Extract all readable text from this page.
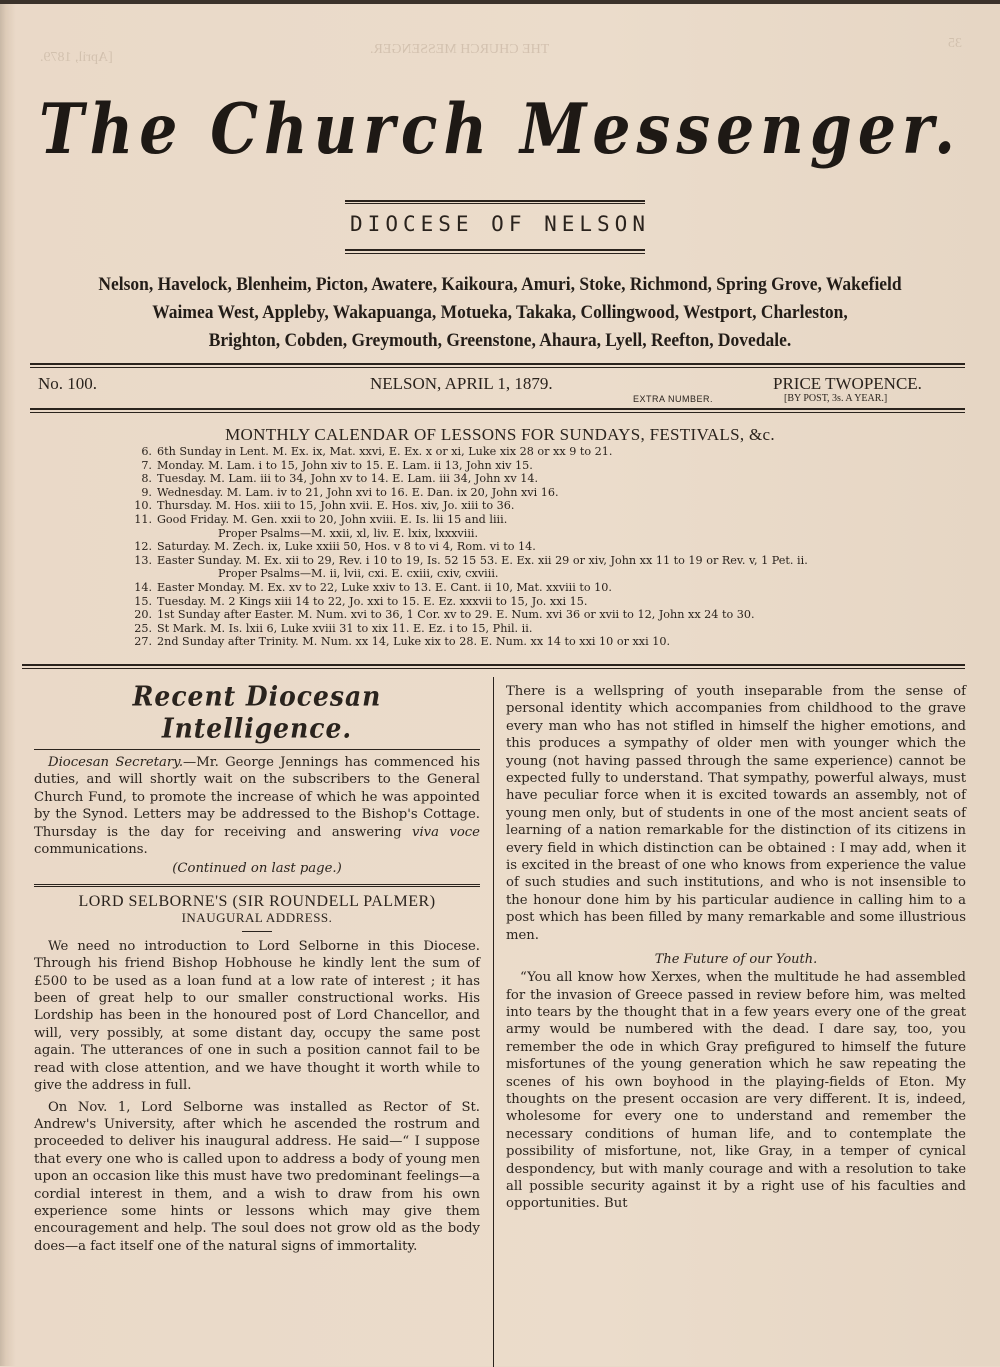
[April, 1879.
THE CHURCH MESSENGER.	35
The Church Messenger.
DIOCESE OF NELSON
Nelson, Havelock, Blenheim, Picton, Awatere, Kaikoura, Amuri, Stoke, Richmond, Spring Grove, Wakefield
Waimea West, Appleby, Wakapuanga, Motueka, Takaka, Collingwood, Westport, Charleston,
Brighton, Cobden, Greymouth, Greenstone, Ahaura, Lyell, Reefton, Dovedale.
No. 100.	NELSON, APRIL 1, 1879.	PRICE TWOPENCE.
EXTRA NUMBER.	[BY POST, 3s. A YEAR.]
MONTHLY CALENDAR OF LESSONS FOR SUNDAYS, FESTIVALS, &c.
6. 6th Sunday in Lent. M. Ex. ix, Mat. xxvi, E. Ex. x or xi, Luke xix 28 or xx 9 to 21.
7. Monday. M. Lam. i to 15, John xiv to 15. E. Lam. ii 13, John xiv 15.
8. Tuesday. M. Lam. iii to 34, John xv to 14. E. Lam. iii 34, John xv 14.
9. Wednesday. M. Lam. iv to 21, John xvi to 16. E. Dan. ix 20, John xvi 16.
10. Thursday. M. Hos. xiii to 15, John xvii. E. Hos. xiv, Jo. xiii to 36.
11. Good Friday. M. Gen. xxii to 20, John xviii. E. Is. lii 15 and liii.
Proper Psalms—M. xxii, xl, liv. E. lxix, lxxxviii.
12. Saturday. M. Zech. ix, Luke xxiii 50, Hos. v 8 to vi 4, Rom. vi to 14.
13. Easter Sunday. M. Ex. xii to 29, Rev. i 10 to 19, Is. 52 15 53. E. Ex. xii 29 or xiv, John xx 11 to 19 or Rev. v, 1 Pet. ii.
Proper Psalms—M. ii, lvii, cxi. E. cxiii, cxiv, cxviii.
14. Easter Monday. M. Ex. xv to 22, Luke xxiv to 13. E. Cant. ii 10, Mat. xxviii to 10.
15. Tuesday. M. 2 Kings xiii 14 to 22, Jo. xxi to 15. E. Ez. xxxvii to 15, Jo. xxi 15.
20. 1st Sunday after Easter. M. Num. xvi to 36, 1 Cor. xv to 29. E. Num. xvi 36 or xvii to 12, John xx 24 to 30.
25. St Mark. M. Is. lxii 6, Luke xviii 31 to xix 11. E. Ez. i to 15, Phil. ii.
27. 2nd Sunday after Trinity. M. Num. xx 14, Luke xix to 28. E. Num. xx 14 to xxi 10 or xxi 10.
Recent Diocesan Intelligence.

Diocesan Secretary.—Mr. George Jennings has commenced his duties, and will shortly wait on the subscribers to the General Church Fund, to promote the increase of which he was appointed by the Synod. Letters may be addressed to the Bishop's Cottage. Thursday is the day for receiving and answering viva voce communications.

(Continued on last page.)

LORD SELBORNE'S (SIR ROUNDELL PALMER)

INAUGURAL ADDRESS.

We need no introduction to Lord Selborne in this Diocese. Through his friend Bishop Hobhouse he kindly lent the sum of £500 to be used as a loan fund at a low rate of interest ; it has been of great help to our smaller constructional works. His Lordship has been in the honoured post of Lord Chancellor, and will, very possibly, at some distant day, occupy the same post again. The utterances of one in such a position cannot fail to be read with close attention, and we have thought it worth while to give the address in full.

On Nov. 1, Lord Selborne was installed as Rector of St. Andrew's University, after which he ascended the rostrum and proceeded to deliver his inaugural address. He said—“ I suppose that every one who is called upon to address a body of young men upon an occasion like this must have two predominant feelings—a cordial interest in them, and a wish to draw from his own experience some hints or lessons which may give them encouragement and help. The soul does not grow old as the body does—a fact itself one of the natural signs of immortality.

There is a wellspring of youth inseparable from the sense of personal identity which accompanies from childhood to the grave every man who has not stifled in himself the higher emotions, and this produces a sympathy of older men with younger which the young (not having passed through the same experience) cannot be expected fully to understand. That sympathy, powerful always, must have peculiar force when it is excited towards an assembly, not of young men only, but of students in one of the most ancient seats of learning of a nation remarkable for the distinction of its citizens in every field in which distinction can be obtained : I may add, when it is excited in the breast of one who knows from experience the value of such studies and such institutions, and who is not insensible to the honour done him by his particular audience in calling him to a post which has been filled by many remarkable and some illustrious men.

The Future of our Youth.

“You all know how Xerxes, when the multitude he had assembled for the invasion of Greece passed in review before him, was melted into tears by the thought that in a few years every one of the great army would be numbered with the dead. I dare say, too, you remember the ode in which Gray prefigured to himself the future misfortunes of the young generation which he saw repeating the scenes of his own boyhood in the playing-fields of Eton. My thoughts on the present occasion are very different. It is, indeed, wholesome for every one to understand and remember the necessary conditions of human life, and to contemplate the possibility of misfortune, not, like Gray, in a temper of cynical despondency, but with manly courage and with a resolution to take all possible security against it by a right use of his faculties and opportunities. But
